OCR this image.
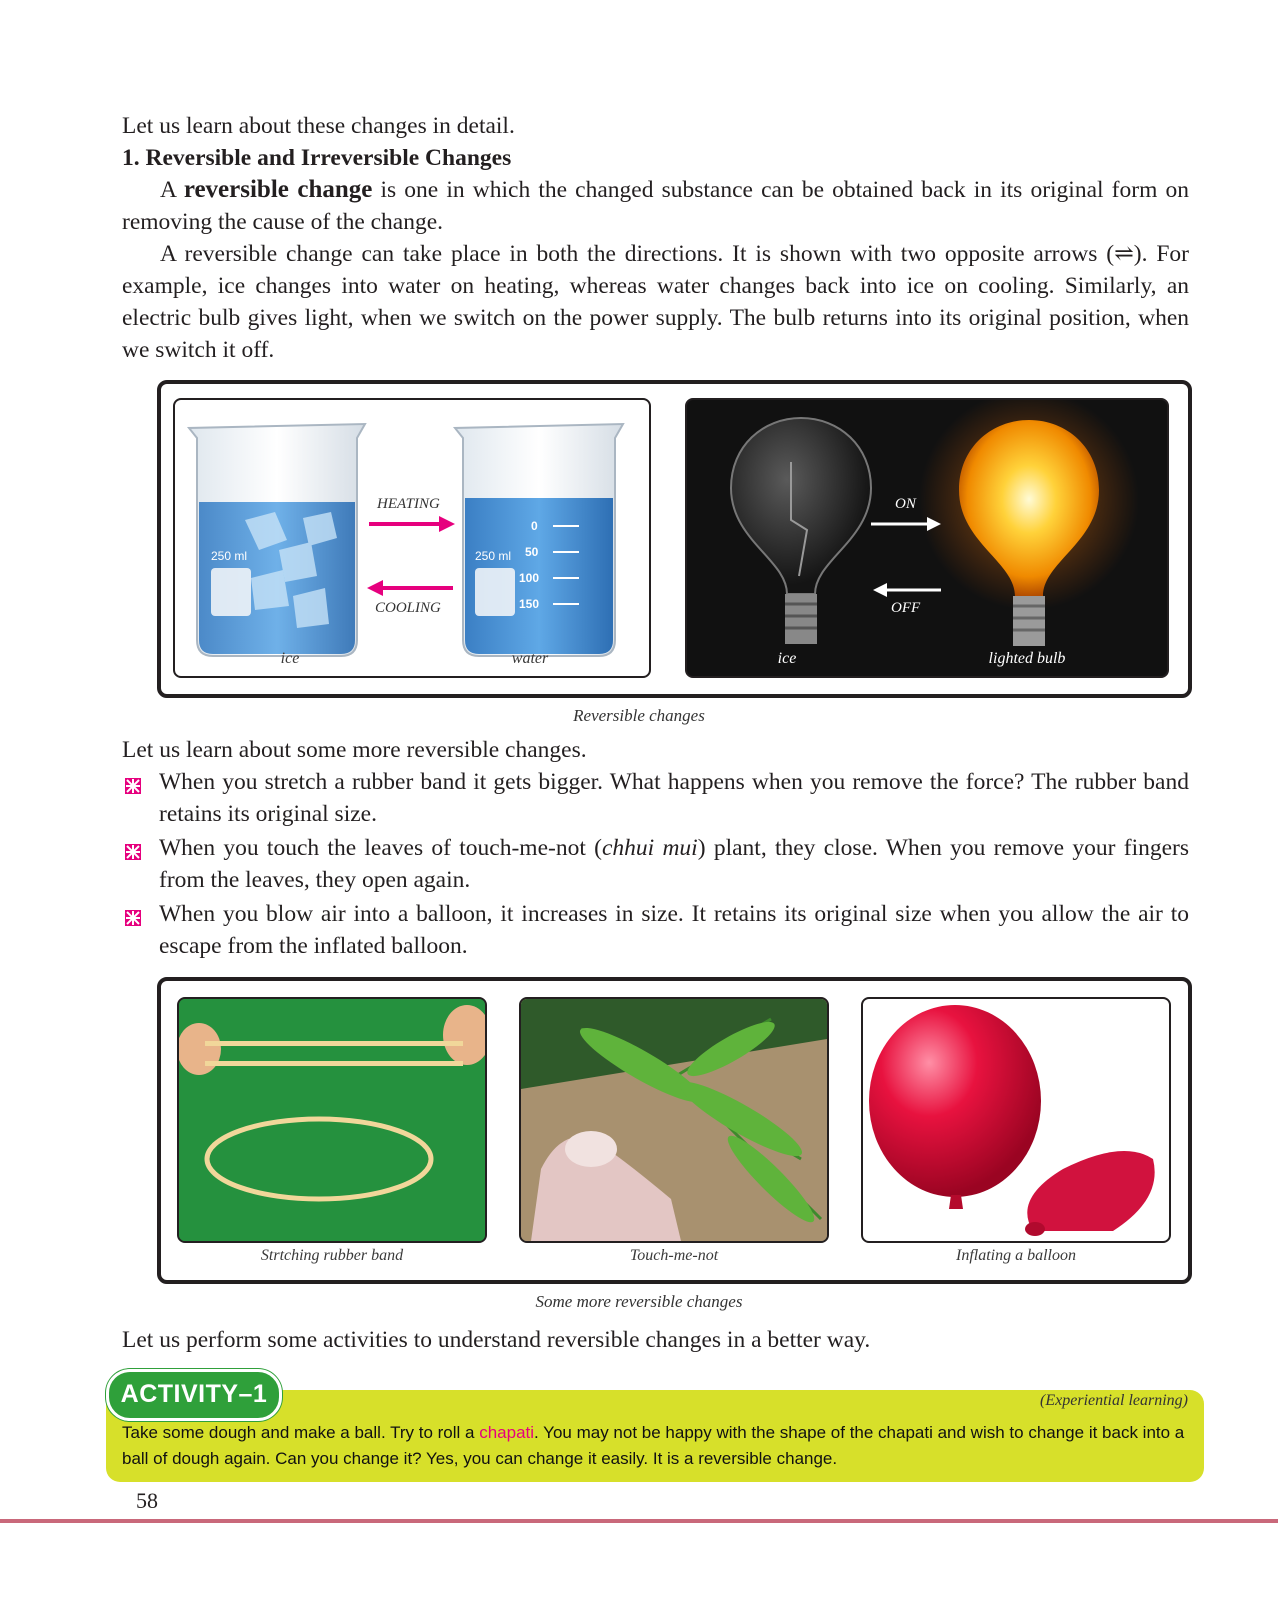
Let us learn about these changes in detail.
1. Reversible and Irreversible Changes
A reversible change is one in which the changed substance can be obtained back in its original form on removing the cause of the change.
A reversible change can take place in both the directions. It is shown with two opposite arrows (⇌). For example, ice changes into water on heating, whereas water changes back into ice on cooling. Similarly, an electric bulb gives light, when we switch on the power supply. The bulb returns into its original position, when we switch it off.
250 ml	250 ml
0
50
100
150
HEATING
COOLING
ice	water
ON
OFF
ice	lighted bulb
Reversible changes
Let us learn about some more reversible changes.
When you stretch a rubber band it gets bigger. What happens when you remove the force? The rubber band retains its original size.
When you touch the leaves of touch-me-not (chhui mui) plant, they close. When you remove your fingers from the leaves, they open again.
When you blow air into a balloon, it increases in size. It retains its original size when you allow the air to escape from the inflated balloon.
Strtching rubber band	Touch-me-not	Inflating a balloon
Some more reversible changes
Let us perform some activities to understand reversible changes in a better way.
ACTIVITY–1	(Experiential learning)
Take some dough and make a ball. Try to roll a chapati. You may not be happy with the shape of the chapati and wish to change it back into a ball of dough again. Can you change it? Yes, you can change it easily. It is a reversible change.
58
